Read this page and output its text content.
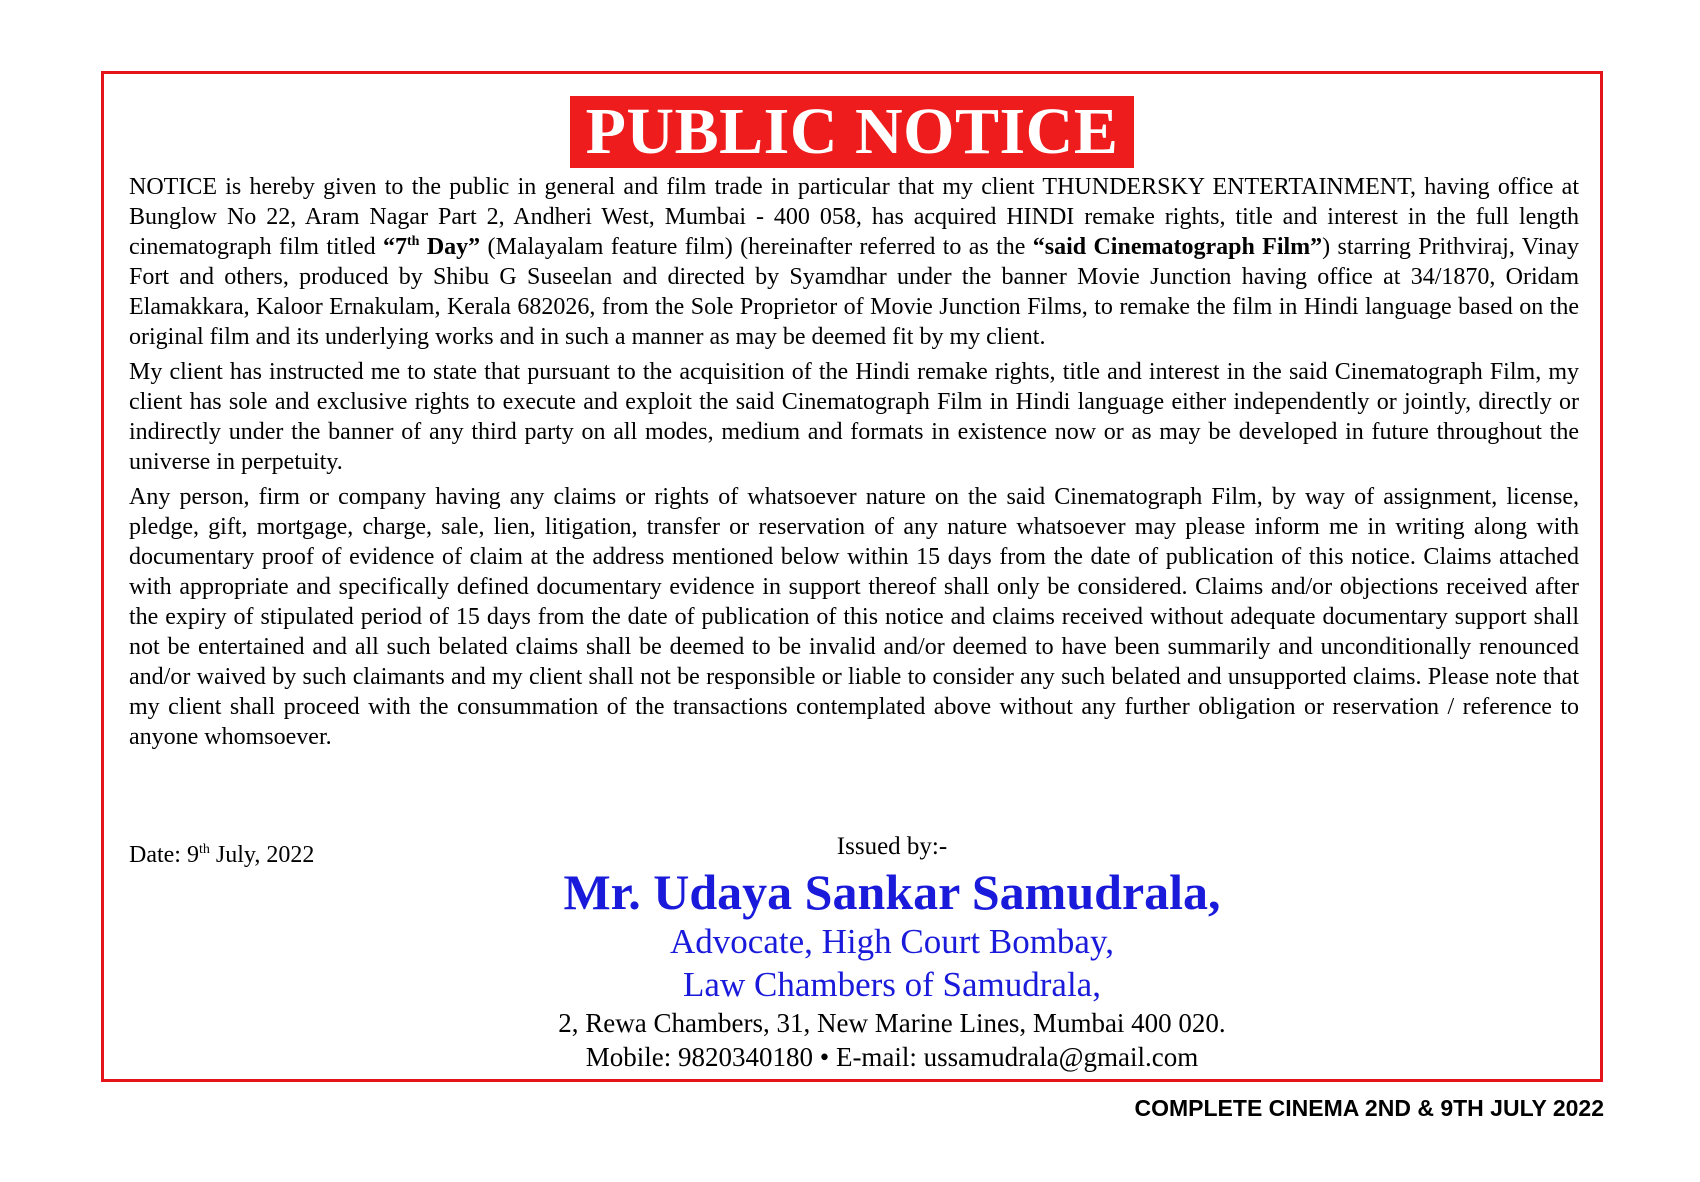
PUBLIC NOTICE

NOTICE is hereby given to the public in general and film trade in particular that my client THUNDERSKY ENTERTAINMENT, having office at Bunglow No 22, Aram Nagar Part 2, Andheri West, Mumbai - 400 058, has acquired HINDI remake rights, title and interest in the full length cinematograph film titled “7th Day” (Malayalam feature film) (hereinafter referred to as the “said Cinematograph Film”) starring Prithviraj, Vinay Fort and others, produced by Shibu G Suseelan and directed by Syamdhar under the banner Movie Junction having office at 34/1870, Oridam Elamakkara, Kaloor Ernakulam, Kerala 682026, from the Sole Proprietor of Movie Junction Films, to remake the film in Hindi language based on the original film and its underlying works and in such a manner as may be deemed fit by my client.

My client has instructed me to state that pursuant to the acquisition of the Hindi remake rights, title and interest in the said Cinematograph Film, my client has sole and exclusive rights to execute and exploit the said Cinematograph Film in Hindi language either independently or jointly, directly or indirectly under the banner of any third party on all modes, medium and formats in existence now or as may be developed in future throughout the universe in perpetuity.

Any person, firm or company having any claims or rights of whatsoever nature on the said Cinematograph Film, by way of assignment, license, pledge, gift, mortgage, charge, sale, lien, litigation, transfer or reservation of any nature whatsoever may please inform me in writing along with documentary proof of evidence of claim at the address mentioned below within 15 days from the date of publication of this notice. Claims attached with appropriate and specifically defined documentary evidence in support thereof shall only be considered. Claims and/or objections received after the expiry of stipulated period of 15 days from the date of publication of this notice and claims received without adequate documentary support shall not be entertained and all such belated claims shall be deemed to be invalid and/or deemed to have been summarily and unconditionally renounced and/or waived by such claimants and my client shall not be responsible or liable to consider any such belated and unsupported claims. Please note that my client shall proceed with the consummation of the transactions contemplated above without any further obligation or reservation / reference to anyone whomsoever.

Date: 9th July, 2022	Issued by:-
Mr. Udaya Sankar Samudrala,
Advocate, High Court Bombay,
Law Chambers of Samudrala,
2, Rewa Chambers, 31, New Marine Lines, Mumbai 400 020.
Mobile: 9820340180 • E-mail: ussamudrala@gmail.com
COMPLETE CINEMA 2ND & 9TH JULY 2022
